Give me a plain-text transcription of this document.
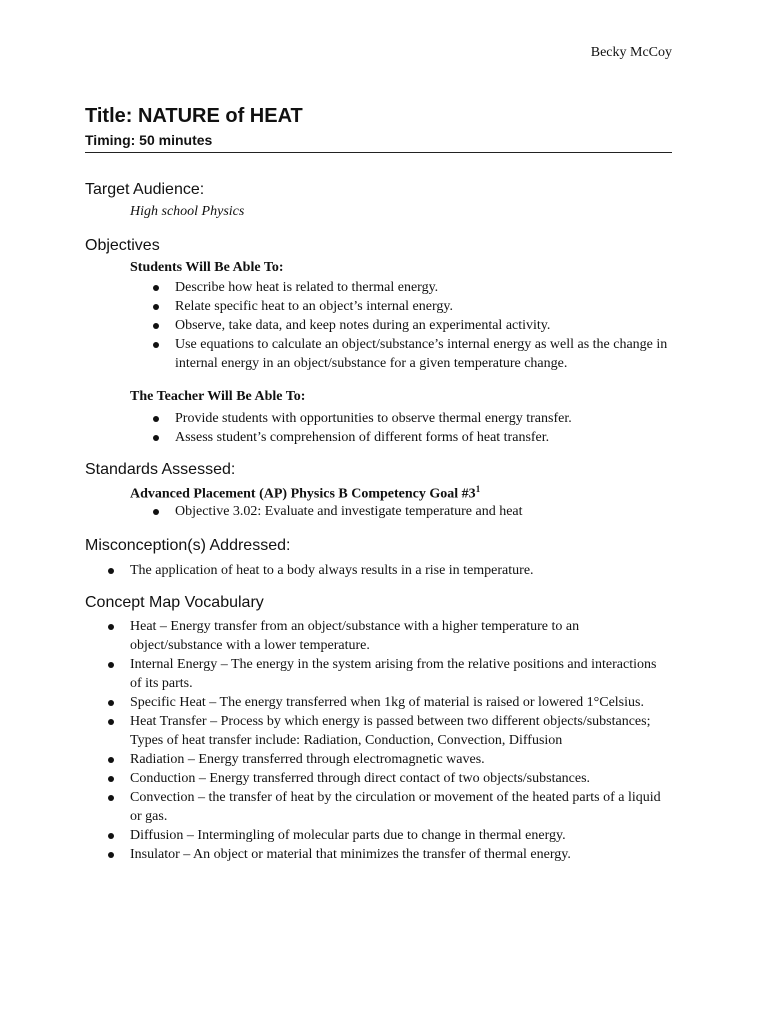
Becky McCoy
Title: NATURE of HEAT
Timing: 50 minutes
Target Audience:
High school Physics
Objectives
Students Will Be Able To:
Describe how heat is related to thermal energy.
Relate specific heat to an object’s internal energy.
Observe, take data, and keep notes during an experimental activity.
Use equations to calculate an object/substance’s internal energy as well as the change in internal energy in an object/substance for a given temperature change.
The Teacher Will Be Able To:
Provide students with opportunities to observe thermal energy transfer.
Assess student’s comprehension of different forms of heat transfer.
Standards Assessed:
Advanced Placement (AP) Physics B Competency Goal $\#3^1$
Objective 3.02: Evaluate and investigate temperature and heat
Misconception(s) Addressed:
The application of heat to a body always results in a rise in temperature.
Concept Map Vocabulary
Heat – Energy transfer from an object/substance with a higher temperature to an object/substance with a lower temperature.
Internal Energy – The energy in the system arising from the relative positions and interactions of its parts.
Specific Heat – The energy transferred when 1kg of material is raised or lowered 1°Celsius.
Heat Transfer – Process by which energy is passed between two different objects/substances; Types of heat transfer include: Radiation, Conduction, Convection, Diffusion
Radiation – Energy transferred through electromagnetic waves.
Conduction – Energy transferred through direct contact of two objects/substances.
Convection – the transfer of heat by the circulation or movement of the heated parts of a liquid or gas.
Diffusion – Intermingling of molecular parts due to change in thermal energy.
Insulator – An object or material that minimizes the transfer of thermal energy.
